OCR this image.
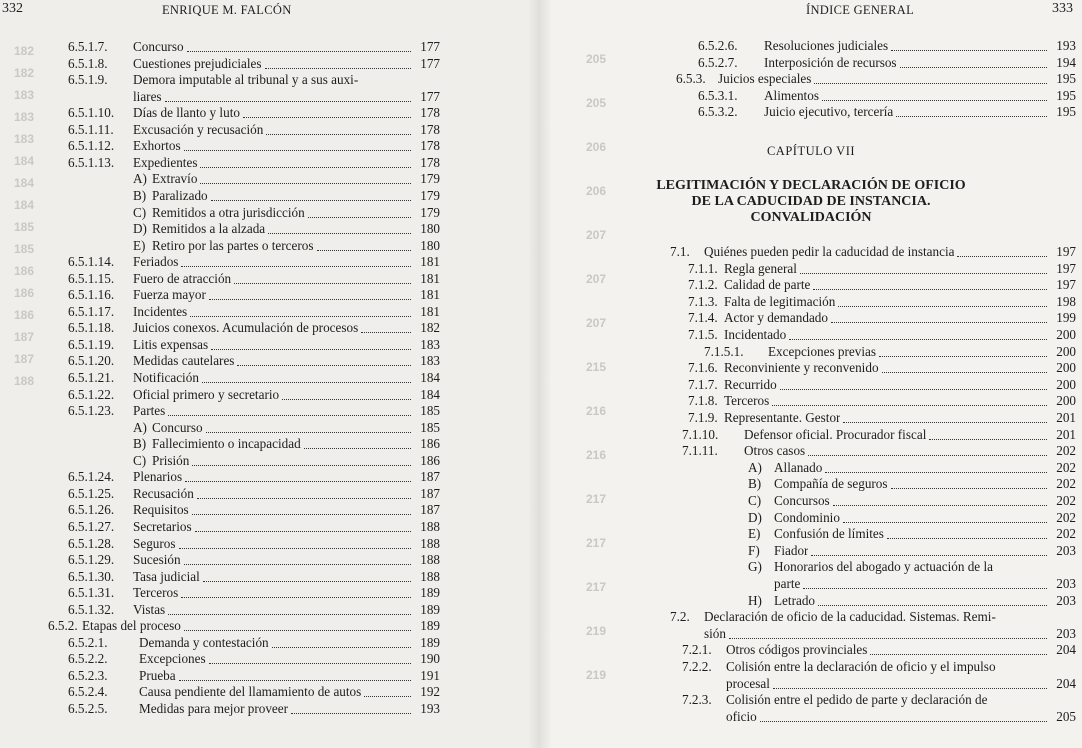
182
182
183
183
183
184
184
184
185
185
186
186
186
187
187
188
205
205
206
206
207
207
207
215
216
216
217
217
217
219
219
332	ENRIQUE M. FALCÓN	333
ÍNDICE GENERAL
6.5.1.7.	Concurso	177
6.5.1.8.	Cuestiones prejudiciales	177
6.5.1.9.	Demora imputable al tribunal y a sus auxi-
liares	177
6.5.1.10.	Días de llanto y luto	178
6.5.1.11.	Excusación y recusación	178
6.5.1.12.	Exhortos	178
6.5.1.13.	Expedientes	178
A) Extravío	179
B) Paralizado	179
C) Remitidos a otra jurisdicción	179
D) Remitidos a la alzada	180
E) Retiro por las partes o terceros	180
6.5.1.14.	Feriados	181
6.5.1.15.	Fuero de atracción	181
6.5.1.16.	Fuerza mayor	181
6.5.1.17.	Incidentes	181
6.5.1.18.	Juicios conexos. Acumulación de procesos	182
6.5.1.19.	Litis expensas	183
6.5.1.20.	Medidas cautelares	183
6.5.1.21.	Notificación	184
6.5.1.22.	Oficial primero y secretario	184
6.5.1.23.	Partes	185
A) Concurso	185
B) Fallecimiento o incapacidad	186
C) Prisión	186
6.5.1.24.	Plenarios	187
6.5.1.25.	Recusación	187
6.5.1.26.	Requisitos	187
6.5.1.27.	Secretarios	188
6.5.1.28.	Seguros	188
6.5.1.29.	Sucesión	188
6.5.1.30.	Tasa judicial	188
6.5.1.31.	Terceros	189
6.5.1.32.	Vistas	189
6.5.2. Etapas del proceso	189
6.5.2.1.	Demanda y contestación	189
6.5.2.2.	Excepciones	190
6.5.2.3.	Prueba	191
6.5.2.4.	Causa pendiente del llamamiento de autos	192
6.5.2.5.	Medidas para mejor proveer	193
6.5.2.6.	Resoluciones judiciales	193
6.5.2.7.	Interposición de recursos	194
6.5.3. Juicios especiales	195
6.5.3.1.	Alimentos	195
6.5.3.2.	Juicio ejecutivo, tercería	195
CAPÍTULO VII
LEGITIMACIÓN Y DECLARACIÓN DE OFICIO
DE LA CADUCIDAD DE INSTANCIA.
CONVALIDACIÓN
7.1.	Quiénes pueden pedir la caducidad de instancia	197
7.1.1. Regla general	197
7.1.2. Calidad de parte	197
7.1.3. Falta de legitimación	198
7.1.4. Actor y demandado	199
7.1.5. Incidentado	200
7.1.5.1.	Excepciones previas	200
7.1.6. Reconviniente y reconvenido	200
7.1.7. Recurrido	200
7.1.8. Terceros	200
7.1.9. Representante. Gestor	201
7.1.10.	Defensor oficial. Procurador fiscal	201
7.1.11.	Otros casos	202
A) Allanado	202
B) Compañía de seguros	202
C) Concursos	202
D) Condominio	202
E)	Confusión de límites	202
F)	Fiador	203
G) Honorarios del abogado y actuación de la
parte	203
H) Letrado	203
7.2.	Declaración de oficio de la caducidad. Sistemas. Remi-
sión	203
7.2.1.	Otros códigos provinciales	204
7.2.2.	Colisión entre la declaración de oficio y el impulso
procesal	204
7.2.3.	Colisión entre el pedido de parte y declaración de
oficio	205
